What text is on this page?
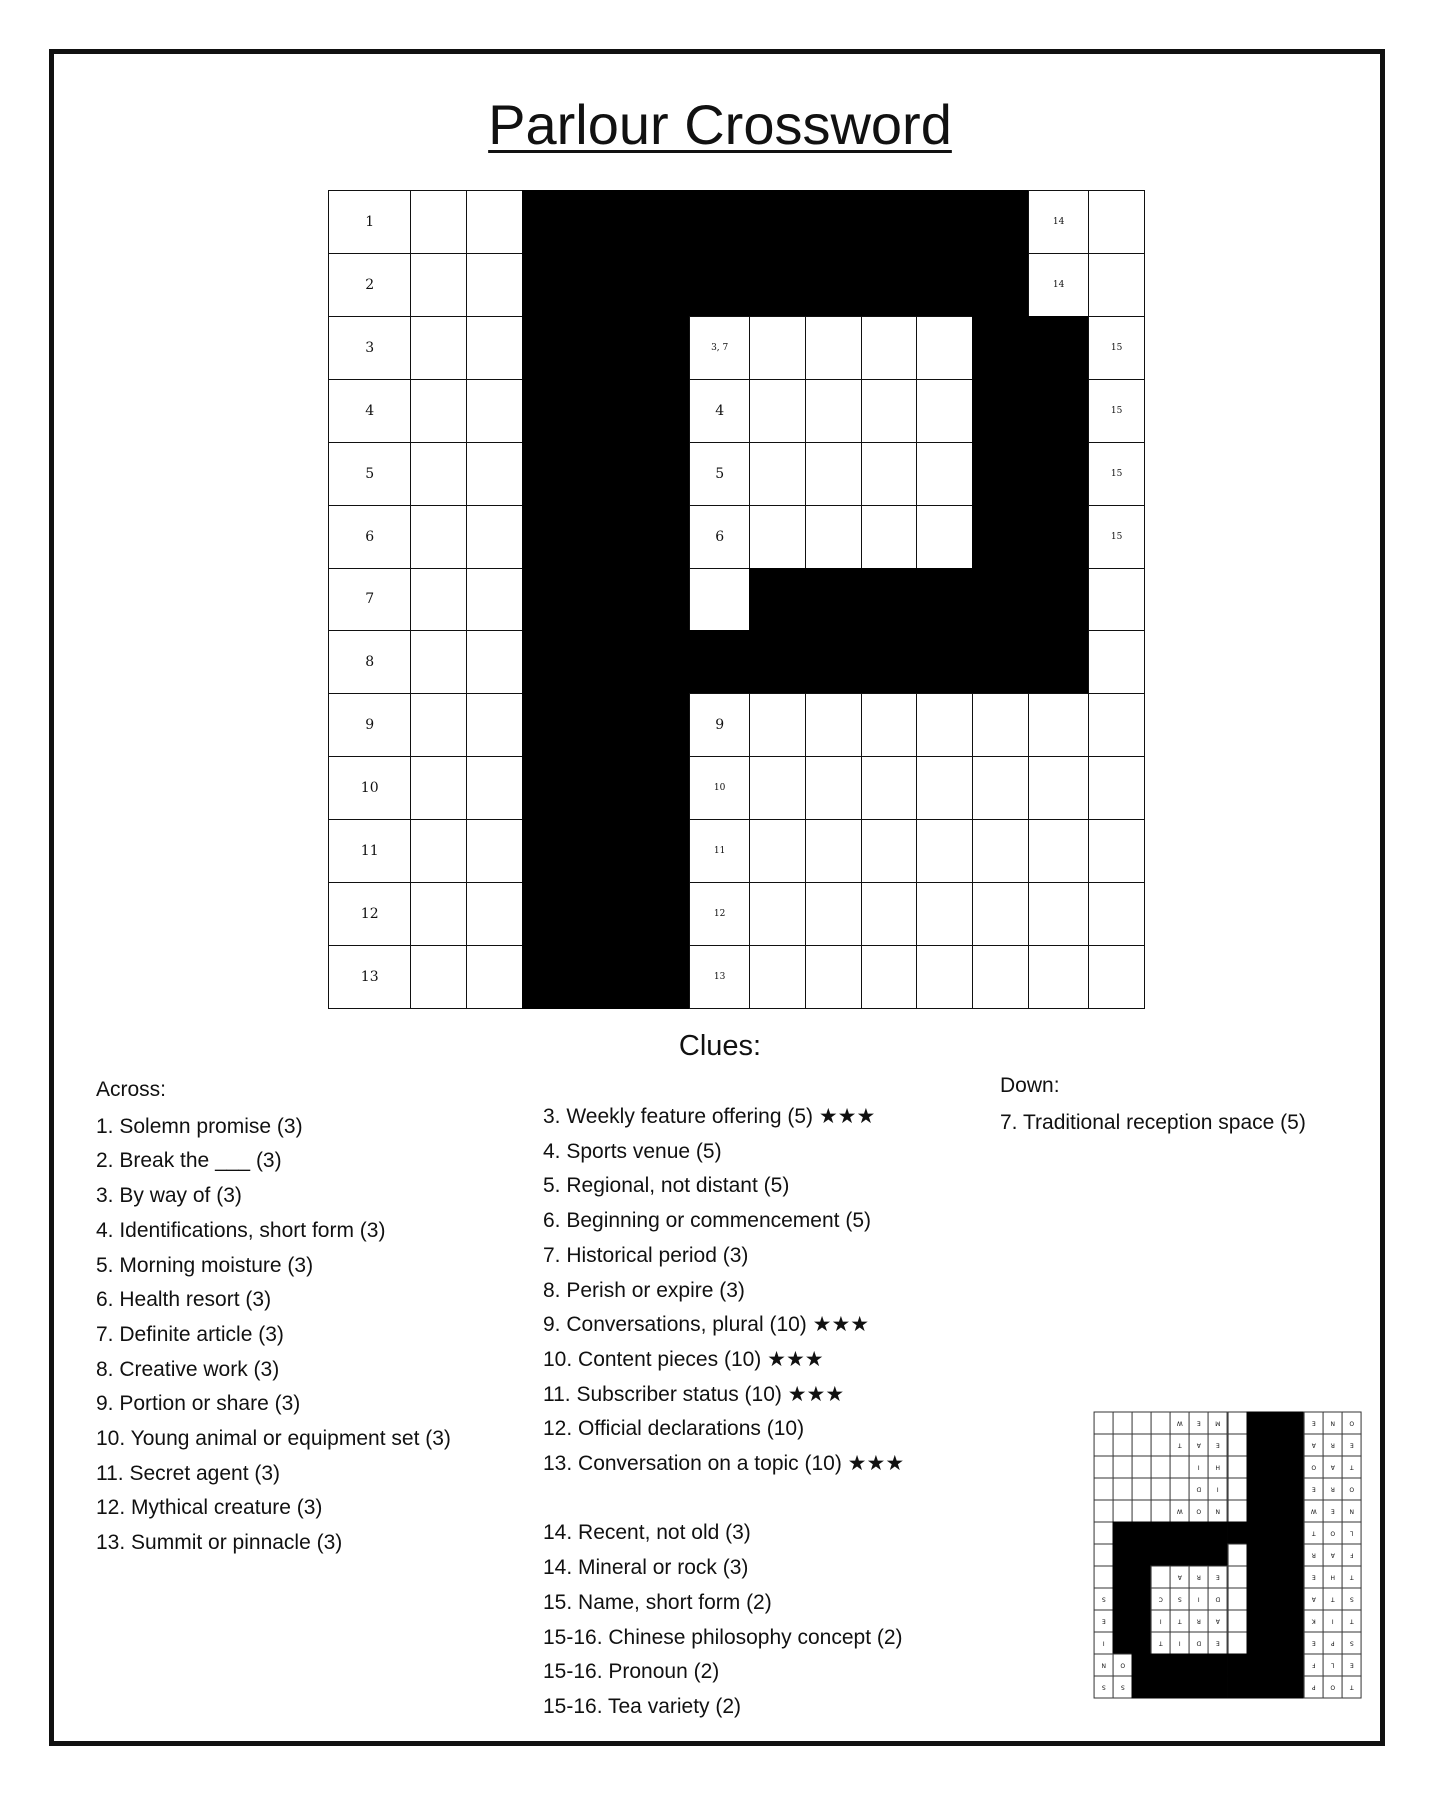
Parlour Crossword
1	14
2	14
3	3, 7	15
4	4	15
5	5	15
6	6	15
7
8
9	9
10	10
11	11
12	12
13	13
Clues:
Across:
1. Solemn promise (3)
2. Break the ___ (3)
3. By way of (3)
4. Identifications, short form (3)
5. Morning moisture (3)
6. Health resort (3)
7. Definite article (3)
8. Creative work (3)
9. Portion or share (3)
10. Young animal or equipment set (3)
11. Secret agent (3)
12. Mythical creature (3)
13. Summit or pinnacle (3)
3. Weekly feature offering (5) ★★★
4. Sports venue (5)
5. Regional, not distant (5)
6. Beginning or commencement (5)
7. Historical period (3)
8. Perish or expire (3)
9. Conversations, plural (10) ★★★
10. Content pieces (10) ★★★
11. Subscriber status (10) ★★★
12. Official declarations (10)
13. Conversation on a topic (10) ★★★
14. Recent, not old (3)
14. Mineral or rock (3)
15. Name, short form (2)
15-16. Chinese philosophy concept (2)
15-16. Pronoun (2)
15-16. Tea variety (2)
Down:
7. Traditional reception space (5)
W	E	M	E	N	O
T	A	E	A	R	E
I	H	O	A	T
D	I	E	R	O
W	O	N	W	E	N
T	O	L
R	A	F
A	R	E	E	H	T
S	C	S	I	D	A	T	S
E	I	T	R	A	K	I	T
I	T	I	D	E	E	P	S
N	O	F	L	E
S	S	P	O	T
